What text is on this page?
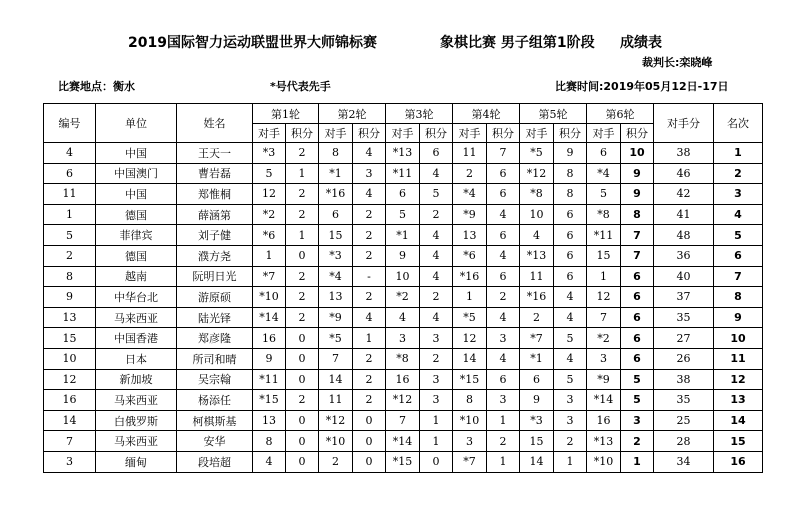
2019国际智力运动联盟世界大师锦标赛	象棋比赛 男子组第1阶段 成绩表
裁判长:栾晓峰
比赛地点：衡水	*号代表先手	比赛时间:2019年05月12日-17日
编号	单位	姓名	第1轮		第2轮		第3轮		第4轮		第5轮		第6轮		对手分	名次
			对手	积分	对手	积分	对手	积分	对手	积分	对手	积分	对手	积分		
4	中国	王天一	*3	2	8	4	*13	6	11	7	*5	9	6	10	38	1
6	中国澳门	曹岩磊	5	1	*1	3	*11	4	2	6	*12	8	*4	9	46	2
11	中国	郑惟桐	12	2	*16	4	6	5	*4	6	*8	8	5	9	42	3
1	德国	薛涵第	*2	2	6	2	5	2	*9	4	10	6	*8	8	41	4
5	菲律宾	刘子健	*6	1	15	2	*1	4	13	6	4	6	*11	7	48	5
2	德国	濮方尧	1	0	*3	2	9	4	*6	4	*13	6	15	7	36	6
8	越南	阮明日光	*7	2	*4	-	10	4	*16	6	11	6	1	6	40	7
9	中华台北	游原硕	*10	2	13	2	*2	2	1	2	*16	4	12	6	37	8
13	马来西亚	陆光铎	*14	2	*9	4	4	4	*5	4	2	4	7	6	35	9
15	中国香港	郑彦隆	16	0	*5	1	3	3	12	3	*7	5	*2	6	27	10
10	日本	所司和晴	9	0	7	2	*8	2	14	4	*1	4	3	6	26	11
12	新加坡	吴宗翰	*11	0	14	2	16	3	*15	6	6	5	*9	5	38	12
16	马来西亚	杨添任	*15	2	11	2	*12	3	8	3	9	3	*14	5	35	13
14	白俄罗斯	柯棋斯基	13	0	*12	0	7	1	*10	1	*3	3	16	3	25	14
7	马来西亚	安华	8	0	*10	0	*14	1	3	2	15	2	*13	2	28	15
3	缅甸	段培超	4	0	2	0	*15	0	*7	1	14	1	*10	1	34	16
